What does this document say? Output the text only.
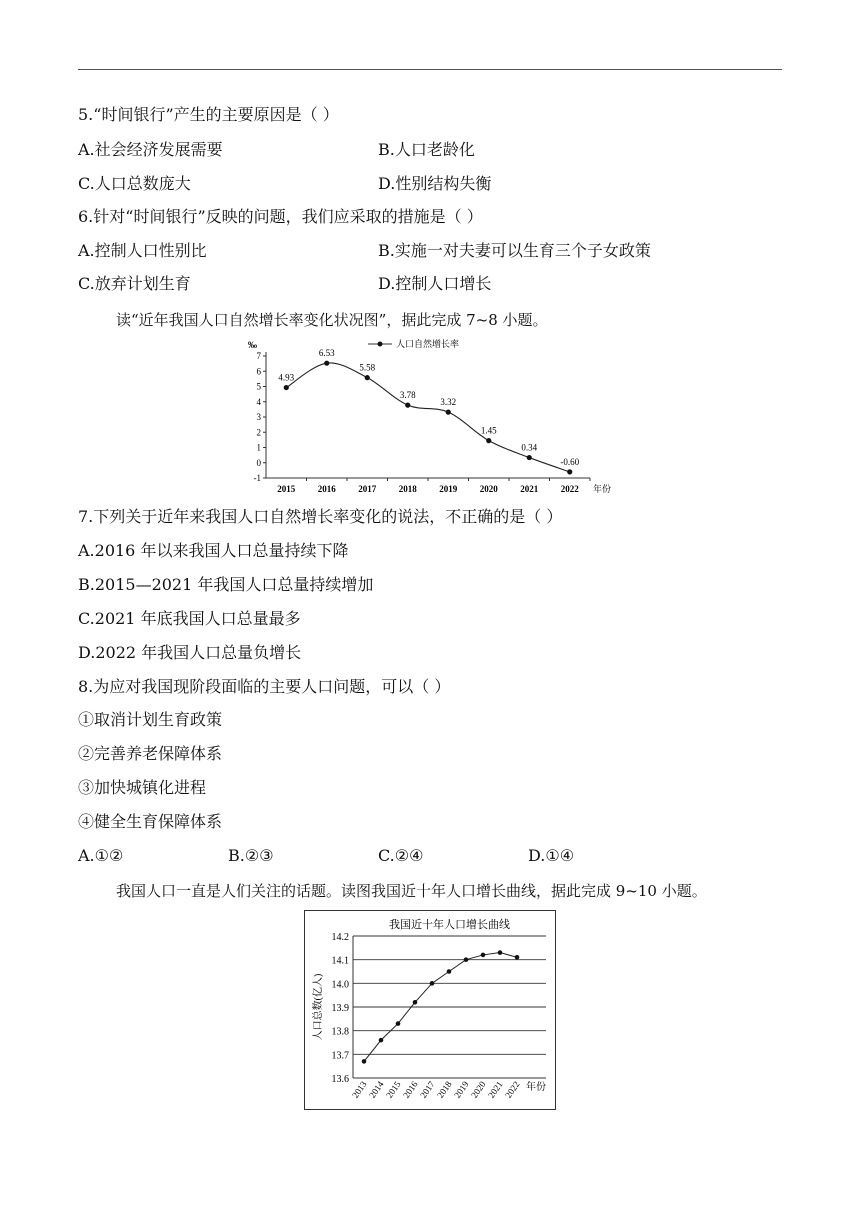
5.“时间银行”产生的主要原因是（ ）
A.社会经济发展需要	B.人口老龄化
C.人口总数庞大	D.性别结构失衡
6.针对“时间银行”反映的问题，我们应采取的措施是（ ）
A.控制人口性别比	B.实施一对夫妻可以生育三个子女政策
C.放弃计划生育	D.控制人口增长
读“近年我国人口自然增长率变化状况图”，据此完成 7~8 小题。
‰
-1
0
1
2
3
4
5
6
7
2015	2016	2017	2018	2019	2020	2021	2022 年份
人口自然增长率
4.93
6.53
5.58
3.78
3.32
1.45
0.34
-0.60
7.下列关于近年来我国人口自然增长率变化的说法，不正确的是（ ）
A.2016 年以来我国人口总量持续下降
B.2015—2021 年我国人口总量持续增加
C.2021 年底我国人口总量最多
D.2022 年我国人口总量负增长
8.为应对我国现阶段面临的主要人口问题，可以（ ）
①取消计划生育政策
②完善养老保障体系
③加快城镇化进程
④健全生育保障体系
A.①②	B.②③	C.②④	D.①④
我国人口一直是人们关注的话题。读图我国近十年人口增长曲线，据此完成 9~10 小题。
我国近十年人口增长曲线
13.6
13.7
13.8
13.9
14.0
14.1
14.2
人口总数(亿人)
2013
2014
2015
2016
2017
2018
2019
2020
2021
2022 年份
